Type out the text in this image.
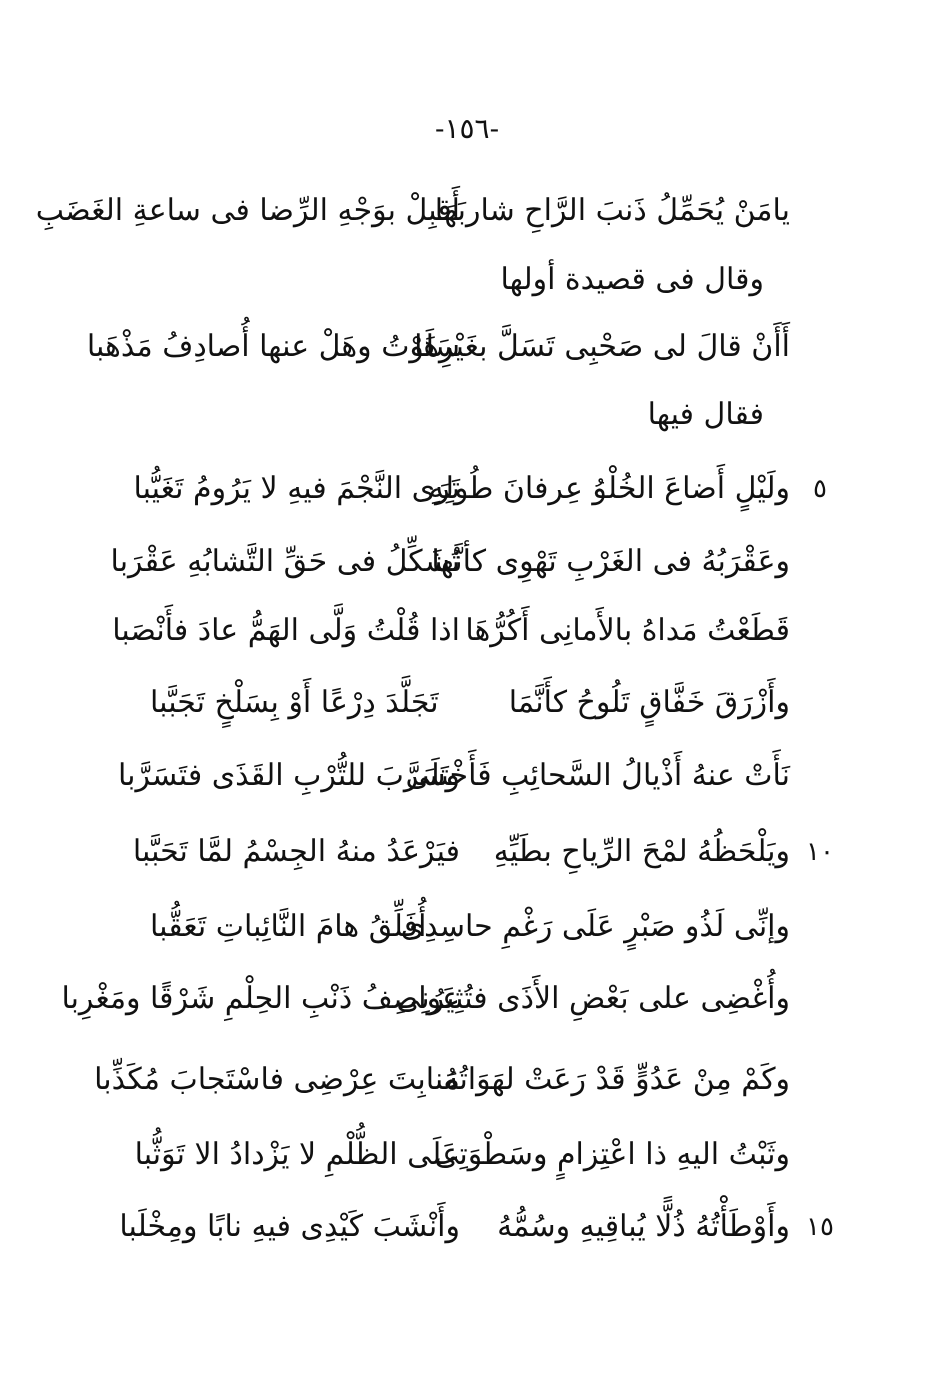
-١٥٦-
يامَنْ يُحَمِّلُ ذَنبَ الرَّاحِ شاربَهَا
أَقبِلْ بوَجْهِ الرِّضا فى ساعةِ الغَضَبِ
وقال فى قصيدة أولها
أَأَنْ قالَ لى صَحْبِى تَسَلَّ بغَيْرِهَا
سَلَوْتُ وهَلْ عنها أُصادِفُ مَذْهَبا
فقال فيها
٥
ولَيْلٍ أَضاعَ الخُلْوُ عِرفانَ طُولِهِ
تَرَى النَّجْمَ فيهِ لا يَرُومُ تَغَيُّبا
وعَقْرَبُهُ فى الغَرْبِ تَهْوِى كأنَّها
تُشَكِّلُ فى حَقِّ التَّشابُهِ عَقْرَبا
قَطَعْتُ مَداهُ بالأَمانِى أَكُرُّهَا
اذا قُلْتُ وَلَّى الهَمُّ عادَ فأَنْصَبا
وأَزْرَقَ خَفَّاقٍ تَلُوحُ كأَنَّمَا
تَجَلَّدَ دِرْعًا أَوْ بِسَلْخٍ تَجَبَّبا
نَأَتْ عنهُ أَذْيالُ السَّحائِبِ فَأَخْتَلَى
وسَرَّبَ للتُّرْبِ القَذَى فتَسَرَّبا
١٠
ويَلْحَظُهُ لمْحَ الرِّياحِ بطَيِّهِ
فيَرْعَدُ منهُ الجِسْمُ لمَّا تَحَبَّبا
وإنِّى لَذُو صَبْرٍ عَلَى رَغْمِ حاسِدِى
أُفَلِّقُ هامَ النَّائِباتِ تَعَقُّبا
وأُغْضِى على بَعْضِ الأَذَى فتُثِيرُنِى
عَواصِفُ ذَنْبِ الحِلْمِ شَرْقًا ومَغْرِبا
وكَمْ مِنْ عَدُوٍّ قَدْ رَعَتْ لهَوَاتُهُ
مَنابِتَ عِرْضِى فاسْتَجابَ مُكَذِّبا
وثَبْتُ اليهِ ذا اعْتِزامٍ وسَطْوَتِى
عَلَى الظُّلْمِ لا يَزْدادُ الا تَوَثُّبا
١٥
وأَوْطَأْتُهُ ذُلًّا يُباقِيهِ وسُمُّهُ
وأَنْشَبَ كَيْدِى فيهِ نابًا ومِخْلَبا
